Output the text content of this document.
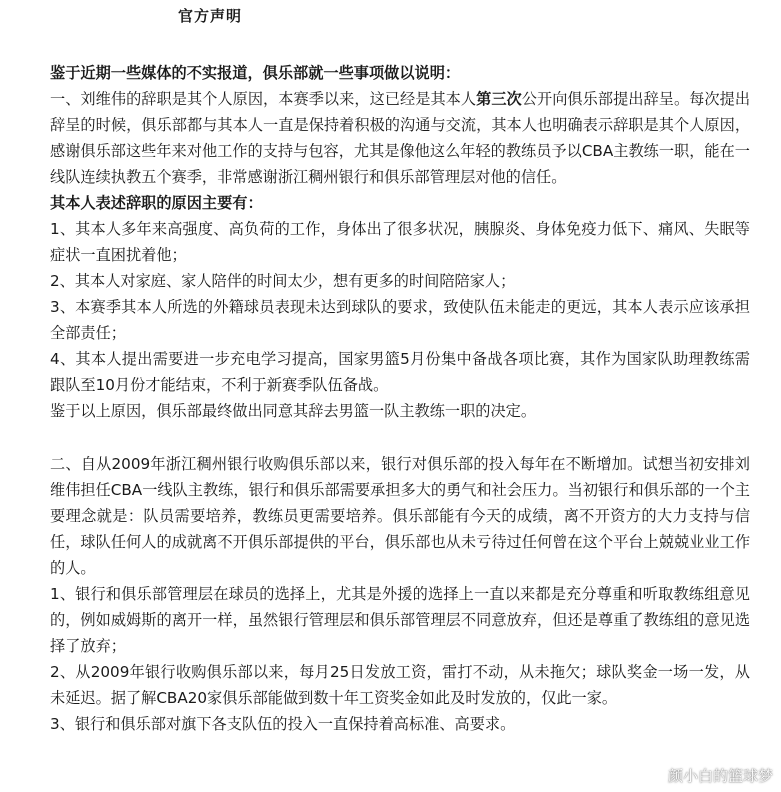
官方声明

鉴于近期一些媒体的不实报道，俱乐部就一些事项做以说明：

一、刘维伟的辞职是其个人原因，本赛季以来，这已经是其本人第三次公开向俱乐部提出辞呈。每次提出辞呈的时候，俱乐部都与其本人一直是保持着积极的沟通与交流，其本人也明确表示辞职是其个人原因，感谢俱乐部这些年来对他工作的支持与包容，尤其是像他这么年轻的教练员予以CBA主教练一职，能在一线队连续执教五个赛季，非常感谢浙江稠州银行和俱乐部管理层对他的信任。

其本人表述辞职的原因主要有：

1、其本人多年来高强度、高负荷的工作，身体出了很多状况，胰腺炎、身体免疫力低下、痛风、失眠等症状一直困扰着他；

2、其本人对家庭、家人陪伴的时间太少，想有更多的时间陪陪家人；

3、本赛季其本人所选的外籍球员表现未达到球队的要求，致使队伍未能走的更远，其本人表示应该承担全部责任；

4、其本人提出需要进一步充电学习提高，国家男篮5月份集中备战各项比赛，其作为国家队助理教练需跟队至10月份才能结束，不利于新赛季队伍备战。

鉴于以上原因，俱乐部最终做出同意其辞去男篮一队主教练一职的决定。

二、自从2009年浙江稠州银行收购俱乐部以来，银行对俱乐部的投入每年在不断增加。试想当初安排刘维伟担任CBA一线队主教练，银行和俱乐部需要承担多大的勇气和社会压力。当初银行和俱乐部的一个主要理念就是：队员需要培养，教练员更需要培养。俱乐部能有今天的成绩，离不开资方的大力支持与信任，球队任何人的成就离不开俱乐部提供的平台，俱乐部也从未亏待过任何曾在这个平台上兢兢业业工作的人。

1、银行和俱乐部管理层在球员的选择上，尤其是外援的选择上一直以来都是充分尊重和听取教练组意见的，例如威姆斯的离开一样，虽然银行管理层和俱乐部管理层不同意放弃，但还是尊重了教练组的意见选择了放弃；

2、从2009年银行收购俱乐部以来，每月25日发放工资，雷打不动，从未拖欠；球队奖金一场一发，从未延迟。据了解CBA20家俱乐部能做到数十年工资奖金如此及时发放的，仅此一家。

3、银行和俱乐部对旗下各支队伍的投入一直保持着高标准、高要求。

颜小白的篮球梦
